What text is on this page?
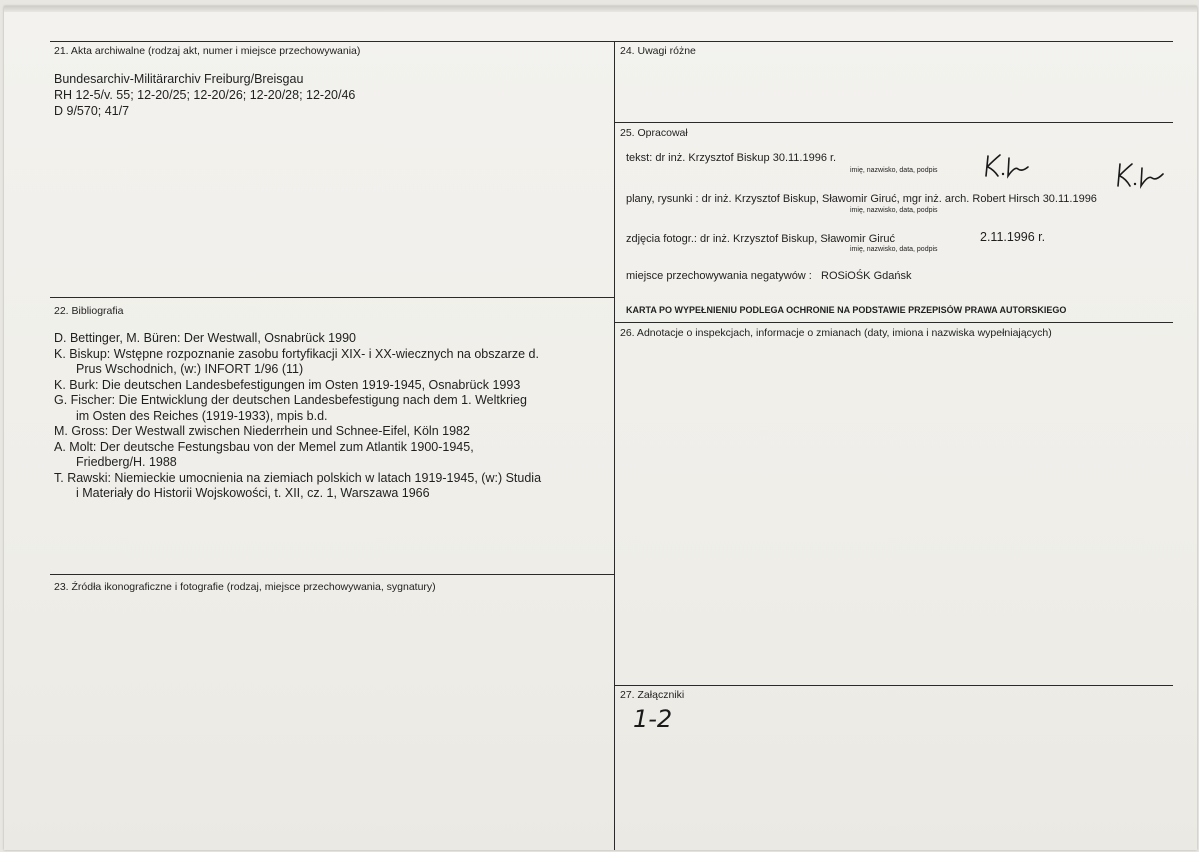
21. Akta archiwalne (rodzaj akt, numer i miejsce przechowywania)
Bundesarchiv-Militärarchiv Freiburg/Breisgau
RH 12-5/v. 55; 12-20/25; 12-20/26; 12-20/28; 12-20/46
D 9/570; 41/7
22. Bibliografia
D. Bettinger, M. Büren: Der Westwall, Osnabrück 1990
K. Biskup: Wstępne rozpoznanie zasobu fortyfikacji XIX- i XX-wiecznych na obszarze d.
Prus Wschodnich, (w:) INFORT 1/96 (11)
K. Burk: Die deutschen Landesbefestigungen im Osten 1919-1945, Osnabrück 1993
G. Fischer: Die Entwicklung der deutschen Landesbefestigung nach dem 1. Weltkrieg
im Osten des Reiches (1919-1933), mpis b.d.
M. Gross: Der Westwall zwischen Niederrhein und Schnee-Eifel, Köln 1982
A. Molt: Der deutsche Festungsbau von der Memel zum Atlantik 1900-1945,
Friedberg/H. 1988
T. Rawski: Niemieckie umocnienia na ziemiach polskich w latach 1919-1945, (w:) Studia
i Materiały do Historii Wojskowości, t. XII, cz. 1, Warszawa 1966
23. Źródła ikonograficzne i fotografie (rodzaj, miejsce przechowywania, sygnatury)
24. Uwagi różne
25. Opracował
tekst: dr inż. Krzysztof Biskup 30.11.1996 r.
imię, nazwisko, data, podpis
plany, rysunki : dr inż. Krzysztof Biskup, Sławomir Giruć, mgr inż. arch. Robert Hirsch 30.11.1996
imię, nazwisko, data, podpis
zdjęcia fotogr.: dr inż. Krzysztof Biskup, Sławomir Giruć	2.11.1996 r.
imię, nazwisko, data, podpis
miejsce przechowywania negatywów : ROSiOŚK Gdańsk
KARTA PO WYPEŁNIENIU PODLEGA OCHRONIE NA PODSTAWIE PRZEPISÓW PRAWA AUTORSKIEGO
26. Adnotacje o inspekcjach, informacje o zmianach (daty, imiona i nazwiska wypełniających)
27. Załączniki
1-2
